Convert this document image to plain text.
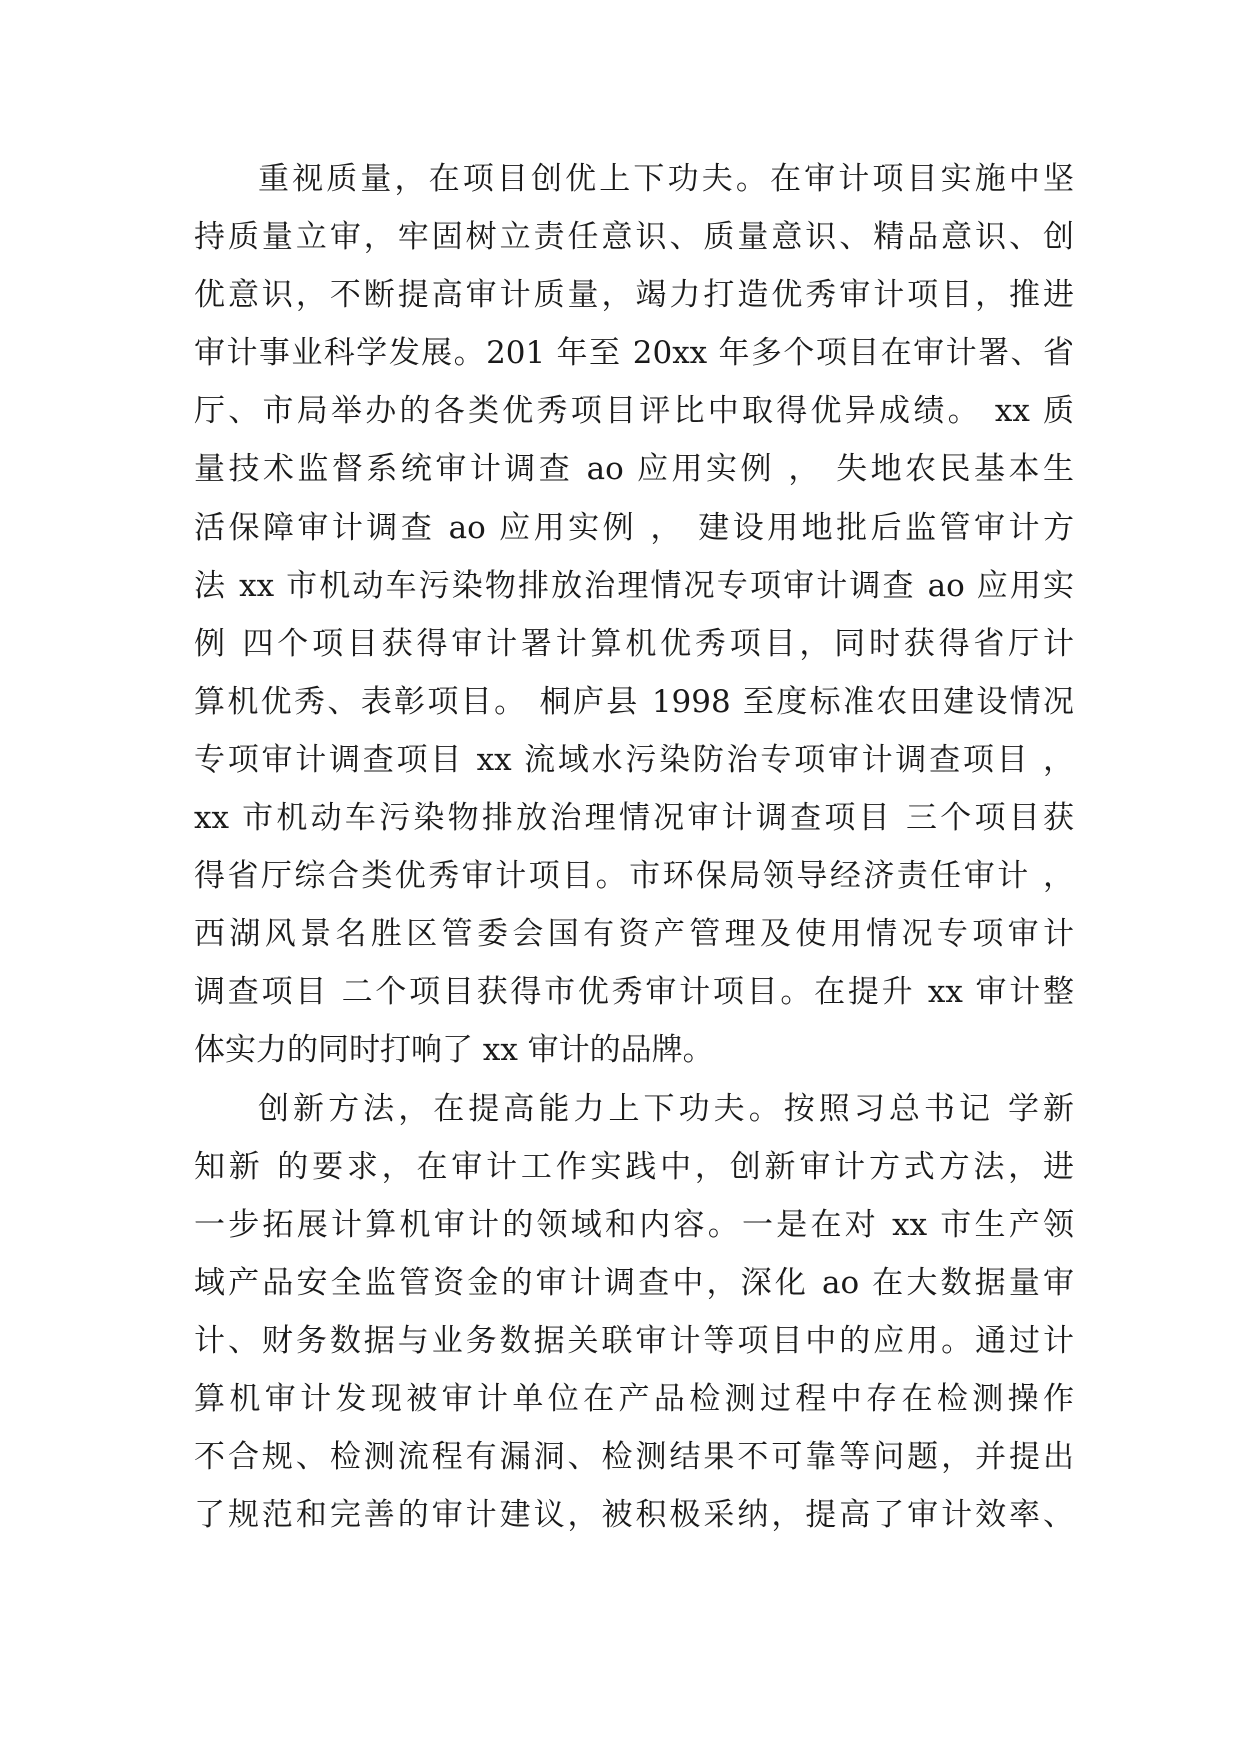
重视质量，在项目创优上下功夫。在审计项目实施中坚
持质量立审，牢固树立责任意识、质量意识、精品意识、创
优意识，不断提高审计质量，竭力打造优秀审计项目，推进
审计事业科学发展。201 年至 20xx 年多个项目在审计署、省
厅、市局举办的各类优秀项目评比中取得优异成绩。 xx 质
量技术监督系统审计调查 ao 应用实例 ， 失地农民基本生
活保障审计调查 ao 应用实例 ， 建设用地批后监管审计方
法 xx 市机动车污染物排放治理情况专项审计调查 ao 应用实
例 四个项目获得审计署计算机优秀项目，同时获得省厅计
算机优秀、表彰项目。 桐庐县 1998 至度标准农田建设情况
专项审计调查项目 xx 流域水污染防治专项审计调查项目 ，
xx 市机动车污染物排放治理情况审计调查项目 三个项目获
得省厅综合类优秀审计项目。市环保局领导经济责任审计 ，
西湖风景名胜区管委会国有资产管理及使用情况专项审计
调查项目 二个项目获得市优秀审计项目。在提升 xx 审计整
体实力的同时打响了 xx 审计的品牌。
创新方法，在提高能力上下功夫。按照习总书记 学新
知新 的要求，在审计工作实践中，创新审计方式方法，进
一步拓展计算机审计的领域和内容。一是在对 xx 市生产领
域产品安全监管资金的审计调查中，深化 ao 在大数据量审
计、财务数据与业务数据关联审计等项目中的应用。通过计
算机审计发现被审计单位在产品检测过程中存在检测操作
不合规、检测流程有漏洞、检测结果不可靠等问题，并提出
了规范和完善的审计建议，被积极采纳，提高了审计效率、
